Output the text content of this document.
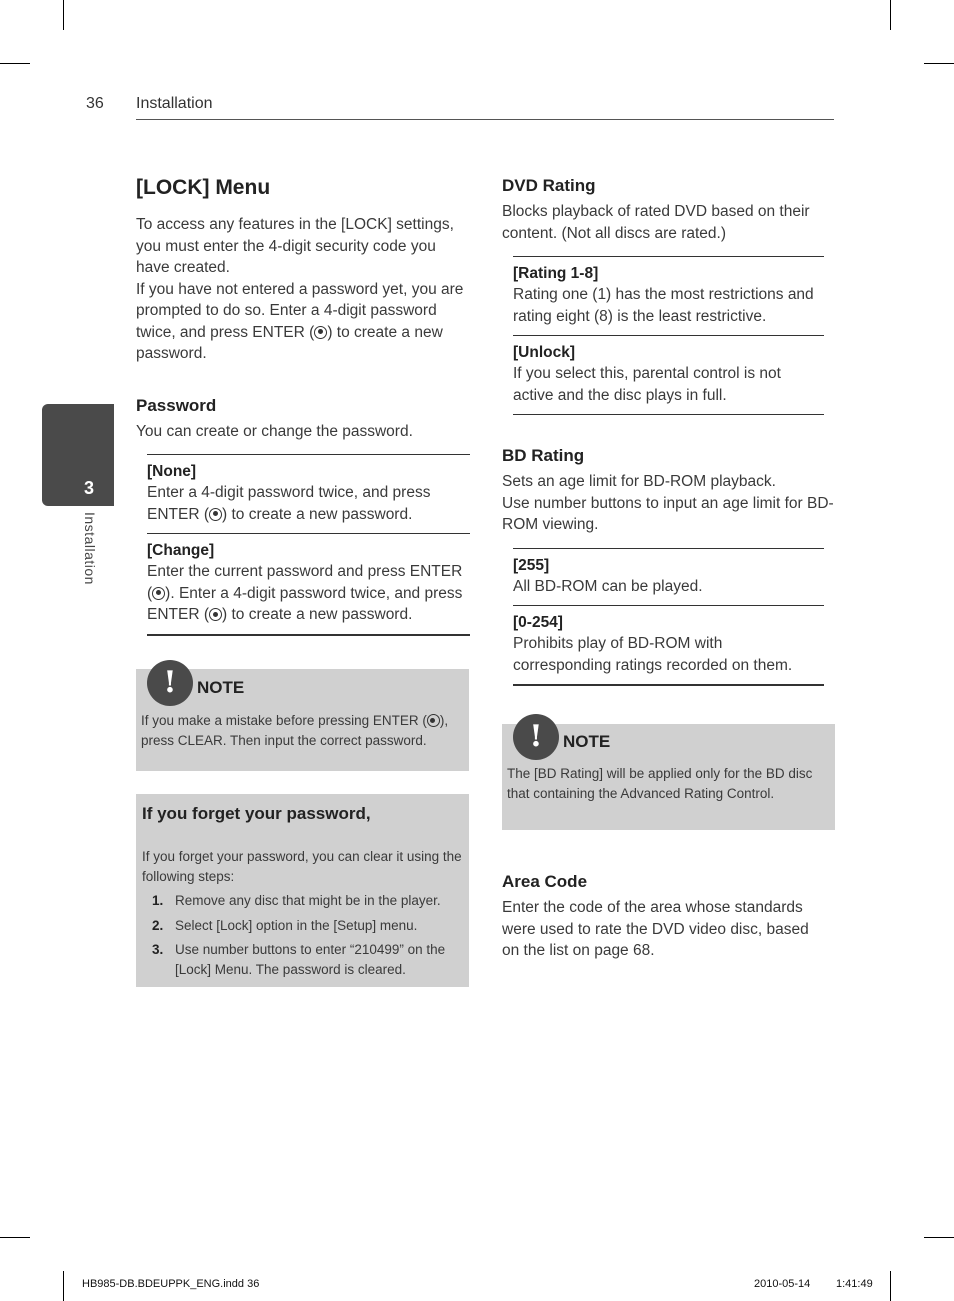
36 Installation
3
Installation
[LOCK] Menu

To access any features in the [LOCK] settings, you must enter the 4-digit security code you have created.

If you have not entered a password yet, you are prompted to do so. Enter a 4-digit password twice, and press ENTER ( ) to create a new password.

Password

You can create or change the password.

[None]

Enter a 4-digit password twice, and press ENTER ( ) to create a new password.

[Change]

Enter the current password and press ENTER ( ). Enter a 4-digit password twice, and press ENTER ( ) to create a new password.

!	NOTE
If you make a mistake before pressing ENTER ( ), press CLEAR. Then input the correct password.
If you forget your password,
If you forget your password, you can clear it using the following steps:
1. Remove any disc that might be in the player.
2. Select [Lock] option in the [Setup] menu.
3. Use number buttons to enter “210499” on the [Lock] Menu. The password is cleared.
DVD Rating

Blocks playback of rated DVD based on their content. (Not all discs are rated.)

[Rating 1-8]

Rating one (1) has the most restrictions and rating eight (8) is the least restrictive.

[Unlock]

If you select this, parental control is not active and the disc plays in full.

BD Rating

Sets an age limit for BD-ROM playback.

Use number buttons to input an age limit for BD-ROM viewing.

[255]

All BD-ROM can be played.

[0-254]

Prohibits play of BD-ROM with corresponding ratings recorded on them.

!	NOTE
The [BD Rating] will be applied only for the BD disc that containing the Advanced Rating Control.
Area Code

Enter the code of the area whose standards were used to rate the DVD video disc, based on the list on page 68.

HB985-DB.BDEUPPK_ENG.indd 36	2010-05-14 1:41:49
